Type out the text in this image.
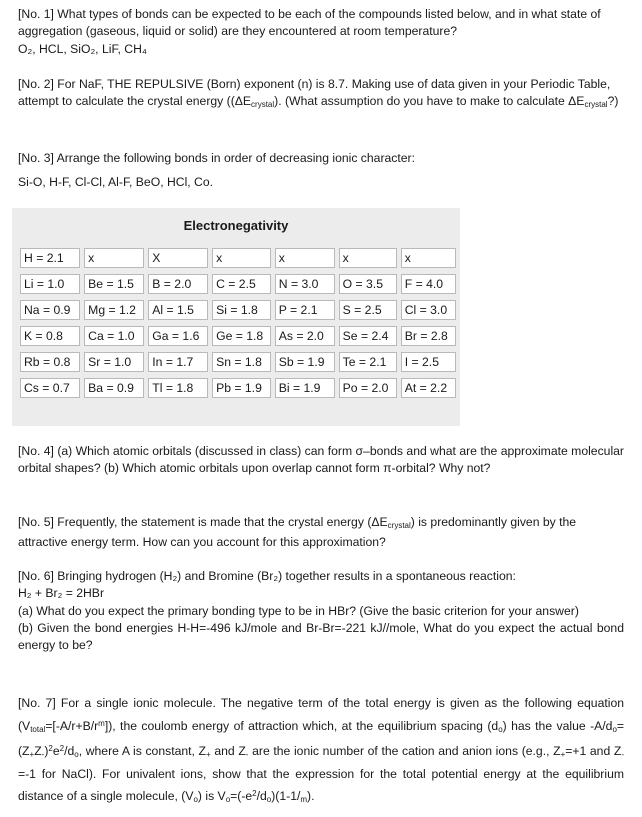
[No. 1] What types of bonds can be expected to be each of the compounds listed below, and in what state of aggregation (gaseous, liquid or solid) are they encountered at room temperature?

O₂, HCL, SiO₂, LiF, CH₄

[No. 2] For NaF, THE REPULSIVE (Born) exponent (n) is 8.7. Making use of data given in your Periodic Table, attempt to calculate the crystal energy ($(\Delta E_{crystal})$. (What assumption do you have to make to calculate $\Delta E_{crystal}$?)

[No. 3] Arrange the following bonds in order of decreasing ionic character:

Si-O, H-F, Cl-Cl, Al-F, BeO, HCl, Co.

Electronegativity
H = 2.1	x	X	x	x	x	x
Li = 1.0	Be = 1.5	B = 2.0	C = 2.5	N = 3.0	O = 3.5	F = 4.0
Na = 0.9	Mg = 1.2	Al = 1.5	Si = 1.8	P = 2.1	S = 2.5	Cl = 3.0
K = 0.8	Ca = 1.0	Ga = 1.6	Ge = 1.8	As = 2.0	Se = 2.4	Br = 2.8
Rb = 0.8	Sr = 1.0	In = 1.7	Sn = 1.8	Sb = 1.9	Te = 2.1	I = 2.5
Cs = 0.7	Ba = 0.9	Tl = 1.8	Pb = 1.9	Bi = 1.9	Po = 2.0	At = 2.2

[No. 4] (a) Which atomic orbitals (discussed in class) can form σ–bonds and what are the approximate molecular orbital shapes? (b) Which atomic orbitals upon overlap cannot form π-orbital? Why not?

[No. 5] Frequently, the statement is made that the crystal energy $(\Delta E_{crystal})$ is predominantly given by the attractive energy term. How can you account for this approximation?

[No. 6] Bringing hydrogen (H₂) and Bromine (Br₂) together results in a spontaneous reaction:

H₂ + Br₂ = 2HBr

(a) What do you expect the primary bonding type to be in HBr? (Give the basic criterion for your answer)

(b) Given the bond energies H-H=-496 kJ/mole and Br-Br=-221 kJ//mole, What do you expect the actual bond energy to be?

[No. 7] For a single ionic molecule. The negative term of the total energy is given as the following equation $(V_{total}=[-A/r+B/r^m])$, the coulomb energy of attraction which, at the equilibrium spacing $(d_o)$ has the value $-A/d_o=(Z_+Z_-)^2e^2/d_o$, where A is constant, $Z_+$ and $Z_-$ are the ionic number of the cation and anion ions (e.g., $Z_+=+1$ and $Z_-=-1$ for NaCl). For univalent ions, show that the expression for the total potential energy at the equilibrium distance of a single molecule, $(V_o)$ is $V_o=(-e^2/d_o)(1-1/_m)$.
